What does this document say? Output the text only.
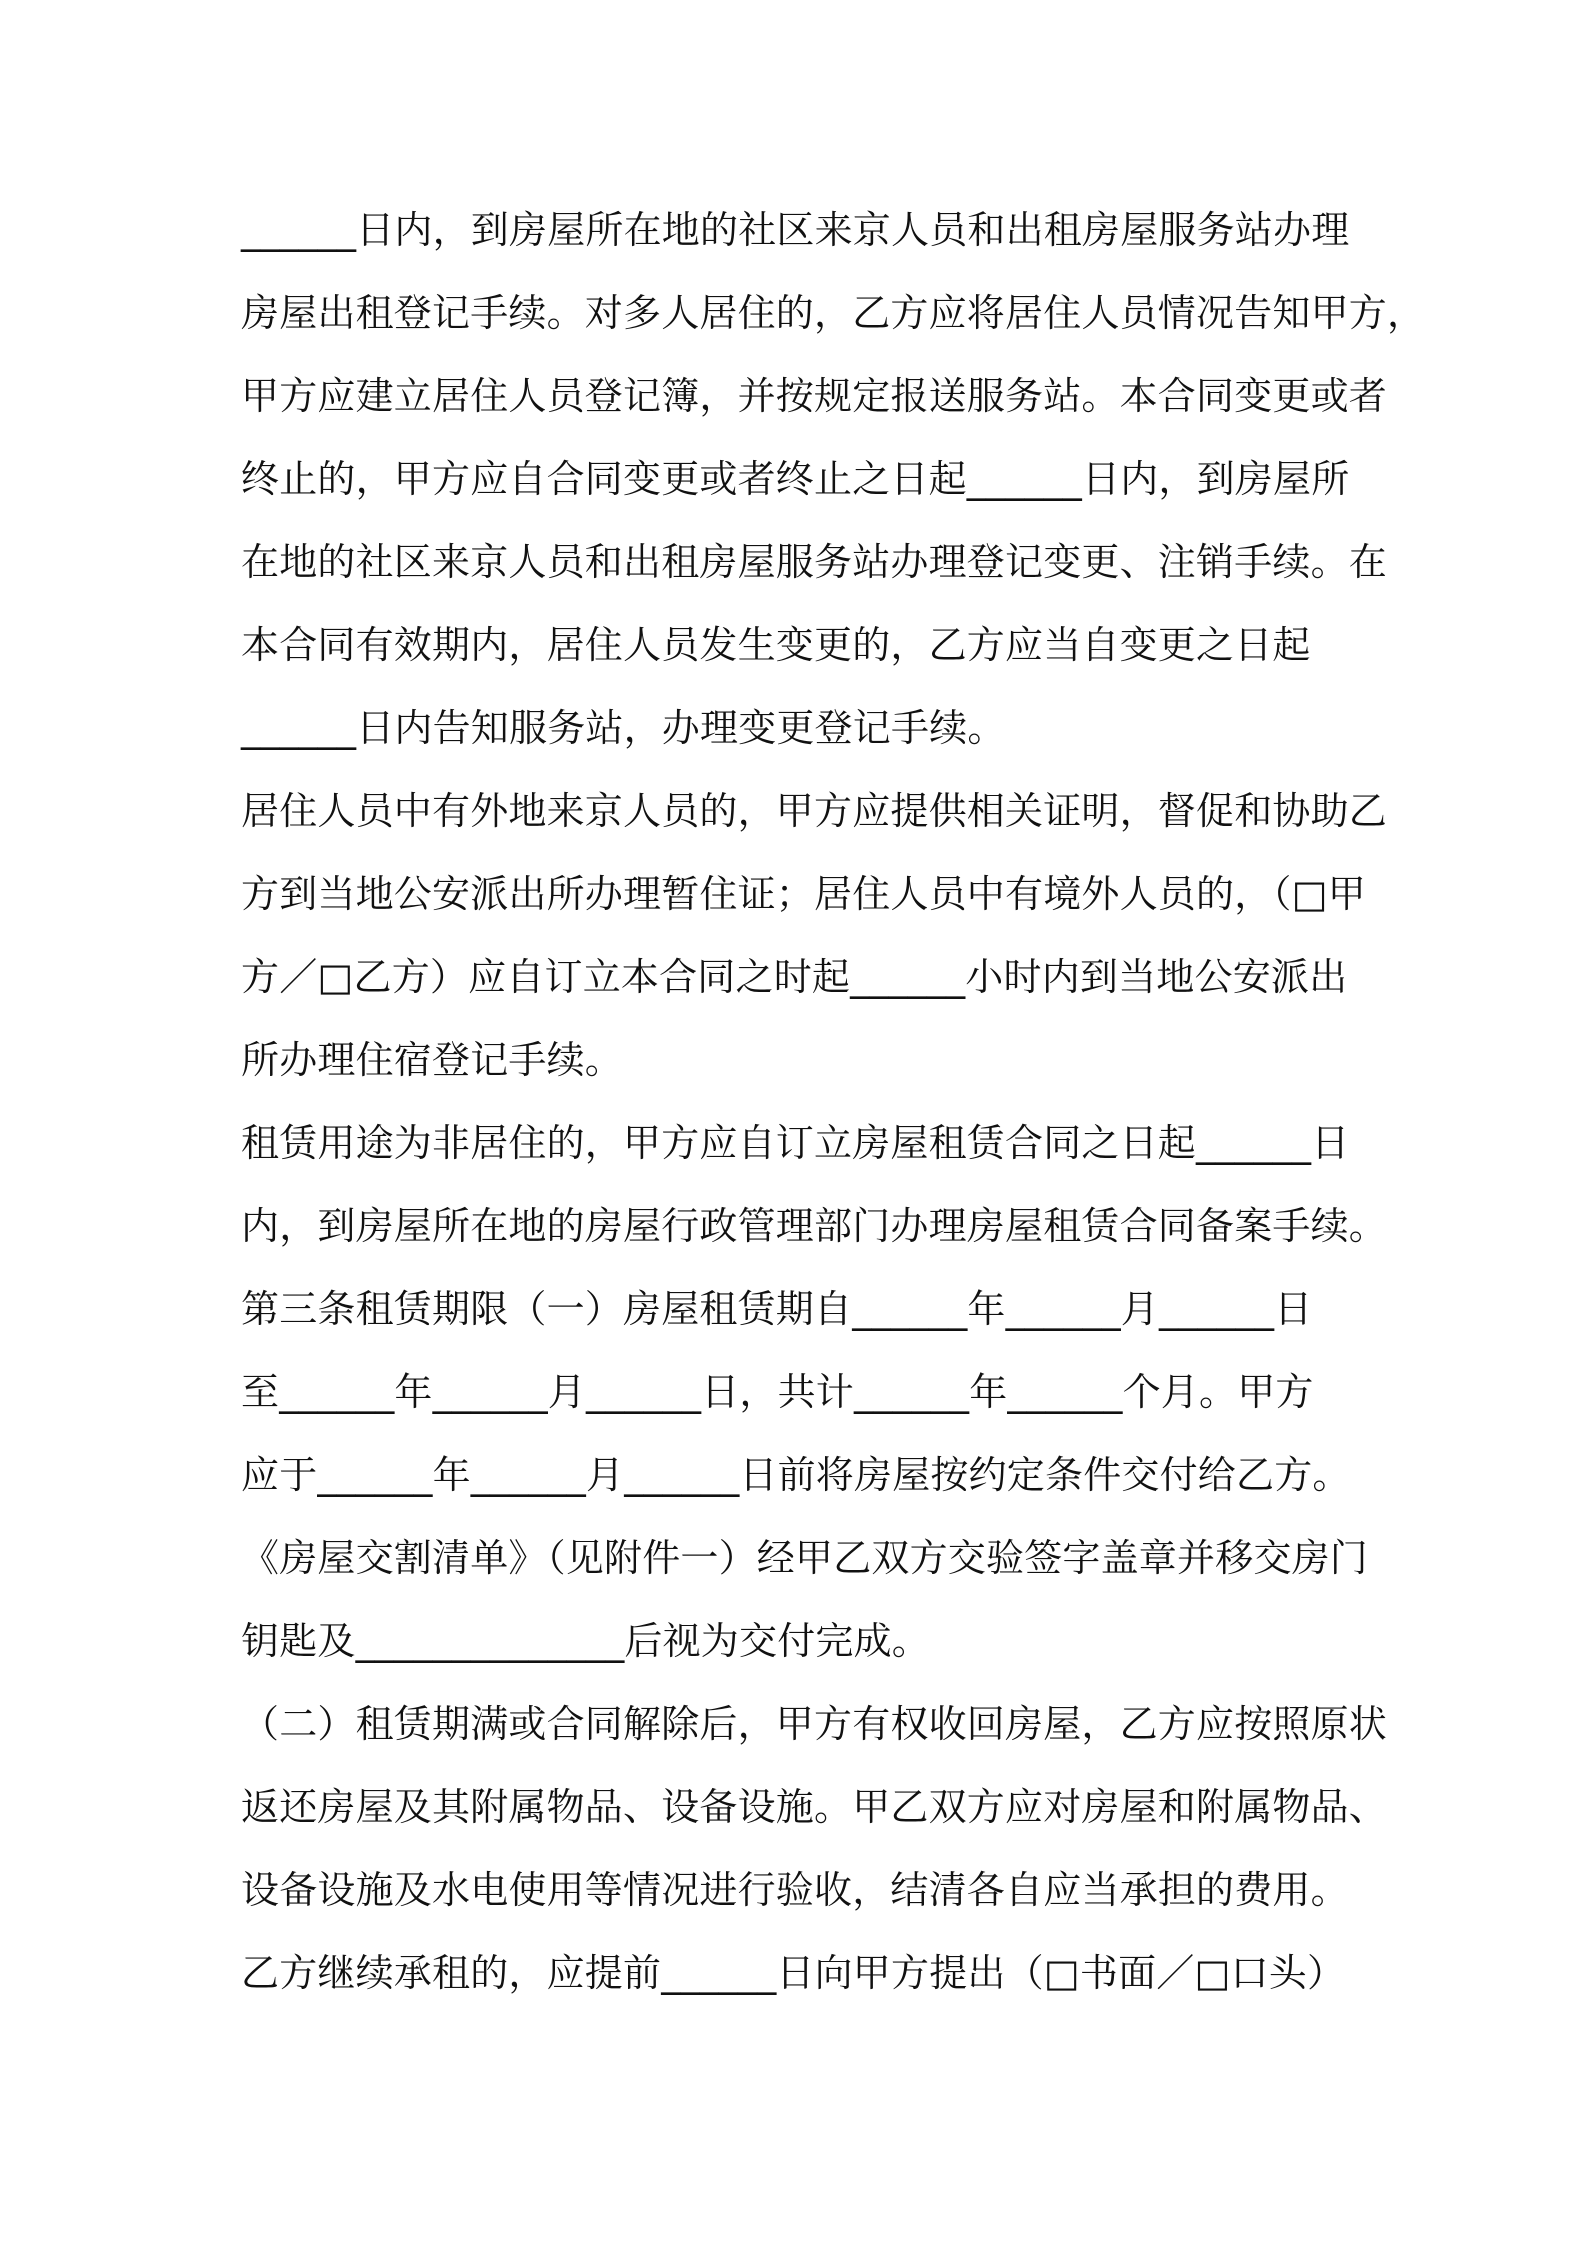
______日内，到房屋所在地的社区来京人员和出租房屋服务站办理
房屋出租登记手续。对多人居住的，乙方应将居住人员情况告知甲方，
甲方应建立居住人员登记簿，并按规定报送服务站。本合同变更或者
终止的，甲方应自合同变更或者终止之日起______日内，到房屋所
在地的社区来京人员和出租房屋服务站办理登记变更、注销手续。在
本合同有效期内，居住人员发生变更的，乙方应当自变更之日起
______日内告知服务站，办理变更登记手续。
居住人员中有外地来京人员的，甲方应提供相关证明，督促和协助乙
方到当地公安派出所办理暂住证；居住人员中有境外人员的，（□甲
方／□乙方）应自订立本合同之时起______小时内到当地公安派出
所办理住宿登记手续。
租赁用途为非居住的，甲方应自订立房屋租赁合同之日起______日
内，到房屋所在地的房屋行政管理部门办理房屋租赁合同备案手续。
第三条租赁期限（一）房屋租赁期自______年______月______日
至______年______月______日，共计______年______个月。甲方
应于______年______月______日前将房屋按约定条件交付给乙方。
《房屋交割清单》（见附件一）经甲乙双方交验签字盖章并移交房门
钥匙及______________后视为交付完成。
（二）租赁期满或合同解除后，甲方有权收回房屋，乙方应按照原状
返还房屋及其附属物品、设备设施。甲乙双方应对房屋和附属物品、
设备设施及水电使用等情况进行验收，结清各自应当承担的费用。
乙方继续承租的，应提前______日向甲方提出（□书面／□口头）
